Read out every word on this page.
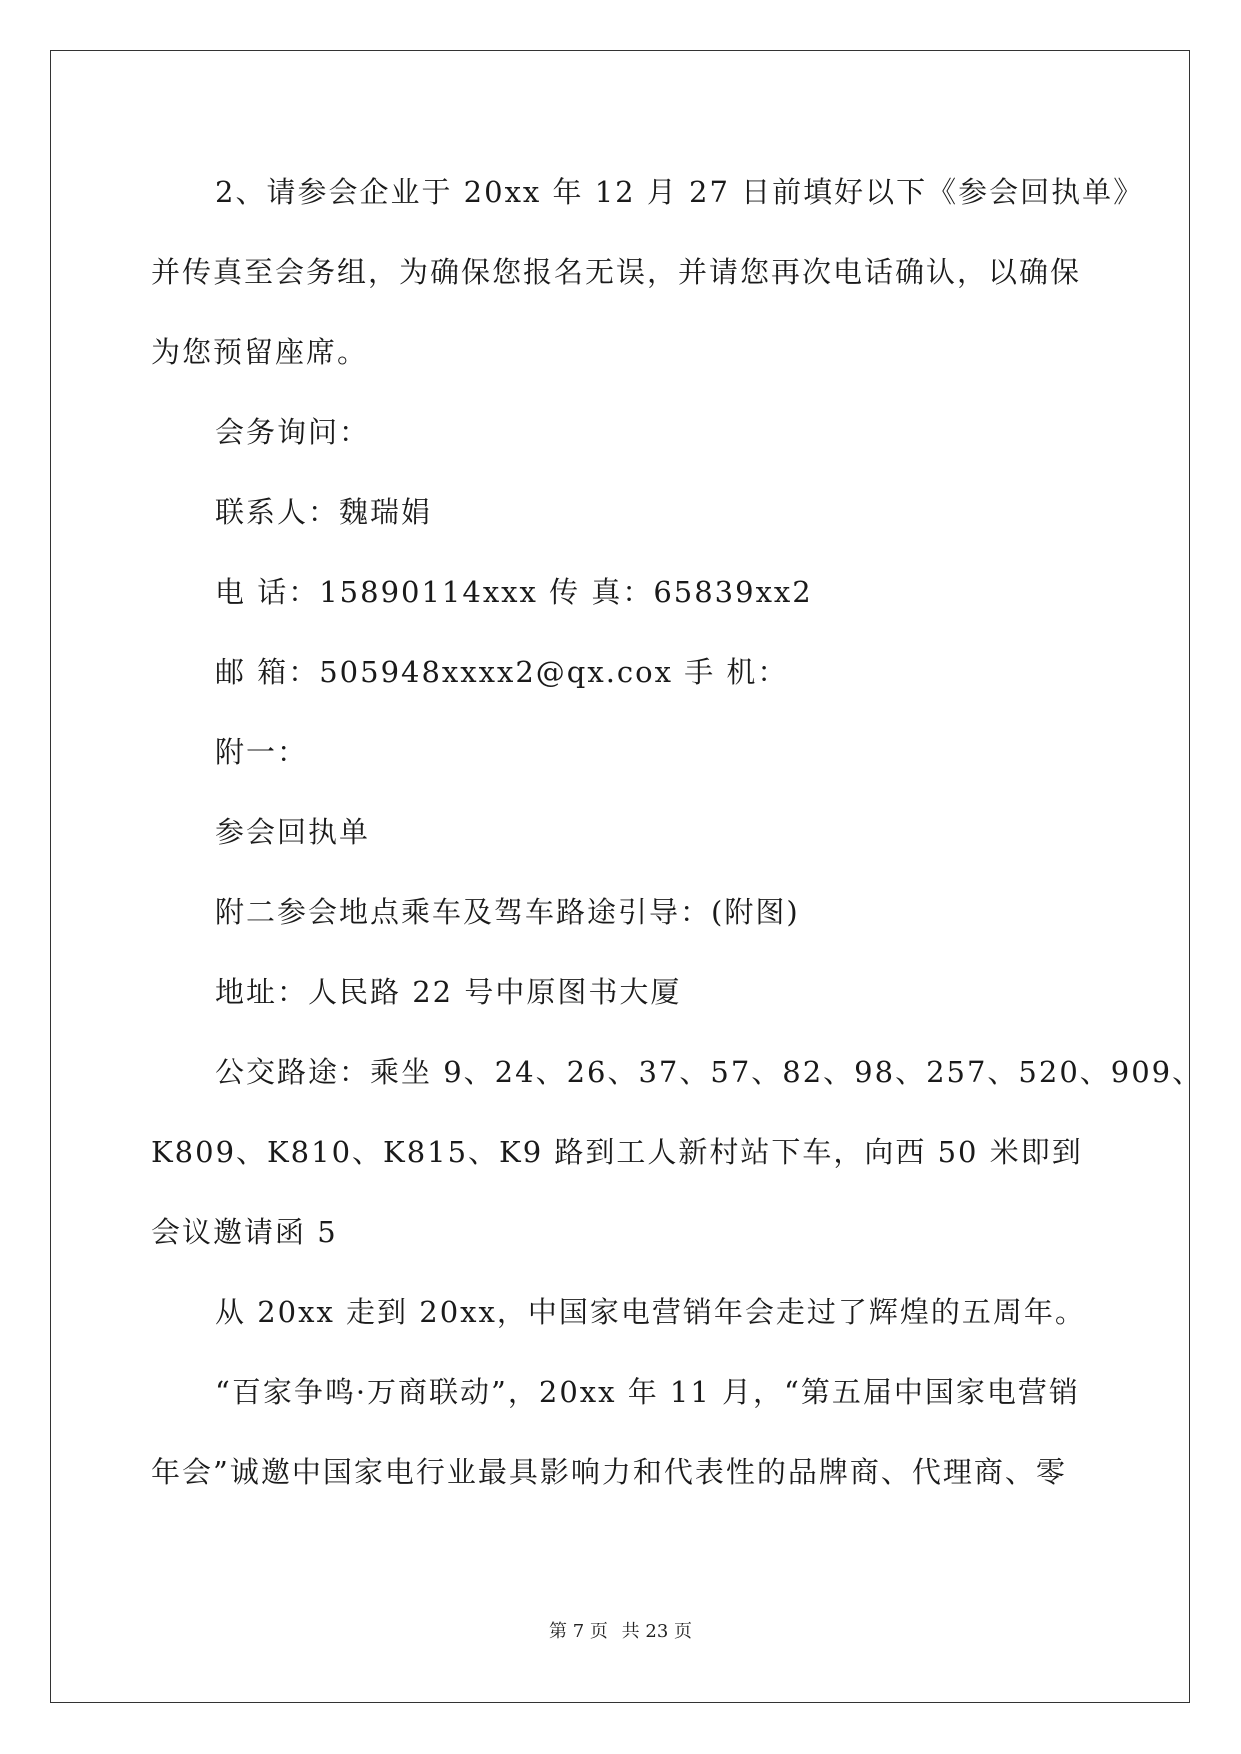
2、请参会企业于 20xx 年 12 月 27 日前填好以下《参会回执单》
并传真至会务组，为确保您报名无误，并请您再次电话确认，以确保
为您预留座席。
会务询问：
联系人：魏瑞娟
电 话：15890114xxx 传 真：65839xx2
邮 箱：505948xxxx2@qx.cox 手 机：
附一：
参会回执单
附二参会地点乘车及驾车路途引导：(附图)
地址：人民路 22 号中原图书大厦
公交路途：乘坐 9、24、26、37、57、82、98、257、520、909、
K809、K810、K815、K9 路到工人新村站下车，向西 50 米即到
会议邀请函 5
从 20xx 走到 20xx，中国家电营销年会走过了辉煌的五周年。
“百家争鸣·万商联动”，20xx 年 11 月，“第五届中国家电营销
年会”诚邀中国家电行业最具影响力和代表性的品牌商、代理商、零
第 7 页 共 23 页
